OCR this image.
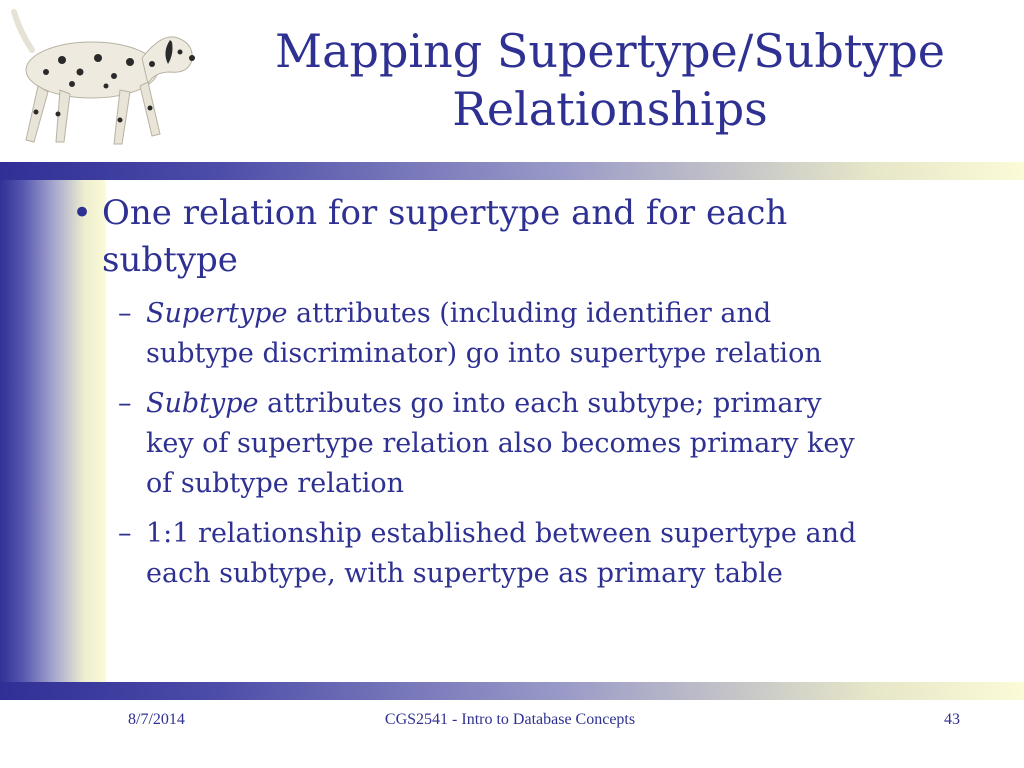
Mapping Supertype/Subtype
Relationships
• One relation for supertype and for each
subtype
– Supertype attributes (including identifier and
subtype discriminator) go into supertype relation
– Subtype attributes go into each subtype; primary
key of supertype relation also becomes primary key
of subtype relation
– 1:1 relationship established between supertype and
each subtype, with supertype as primary table
8/7/2014	CGS2541 - Intro to Database Concepts	43
